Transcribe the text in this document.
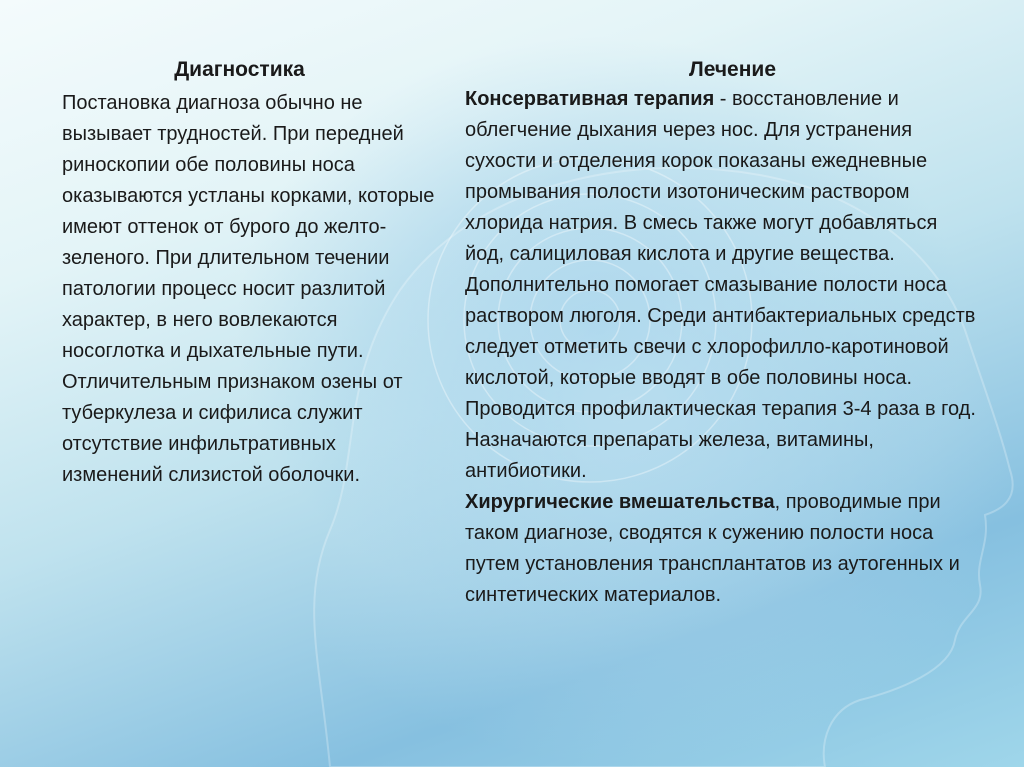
Диагностика

Постановка диагноза обычно не вызывает трудностей. При передней риноскопии обе половины носа оказываются устланы корками, которые имеют оттенок от бурого до желто-зеленого. При длительном течении патологии процесс носит разлитой характер, в него вовлекаются носоглотка и дыхательные пути. Отличительным признаком озены от туберкулеза и сифилиса служит отсутствие инфильтративных изменений слизистой оболочки.

Лечение

Консервативная терапия - восстановление и облегчение дыхания через нос. Для устранения сухости и отделения корок показаны ежедневные промывания полости изотоническим раствором хлорида натрия. В смесь также могут добавляться йод, салициловая кислота и другие вещества. Дополнительно помогает смазывание полости носа раствором люголя. Среди антибактериальных средств следует отметить свечи с хлорофилло-каротиновой кислотой, которые вводят в обе половины носа. Проводится профилактическая терапия 3-4 раза в год. Назначаются препараты железа, витамины, антибиотики.

Хирургические вмешательства, проводимые при таком диагнозе, сводятся к сужению полости носа путем установления трансплантатов из аутогенных и синтетических материалов.
